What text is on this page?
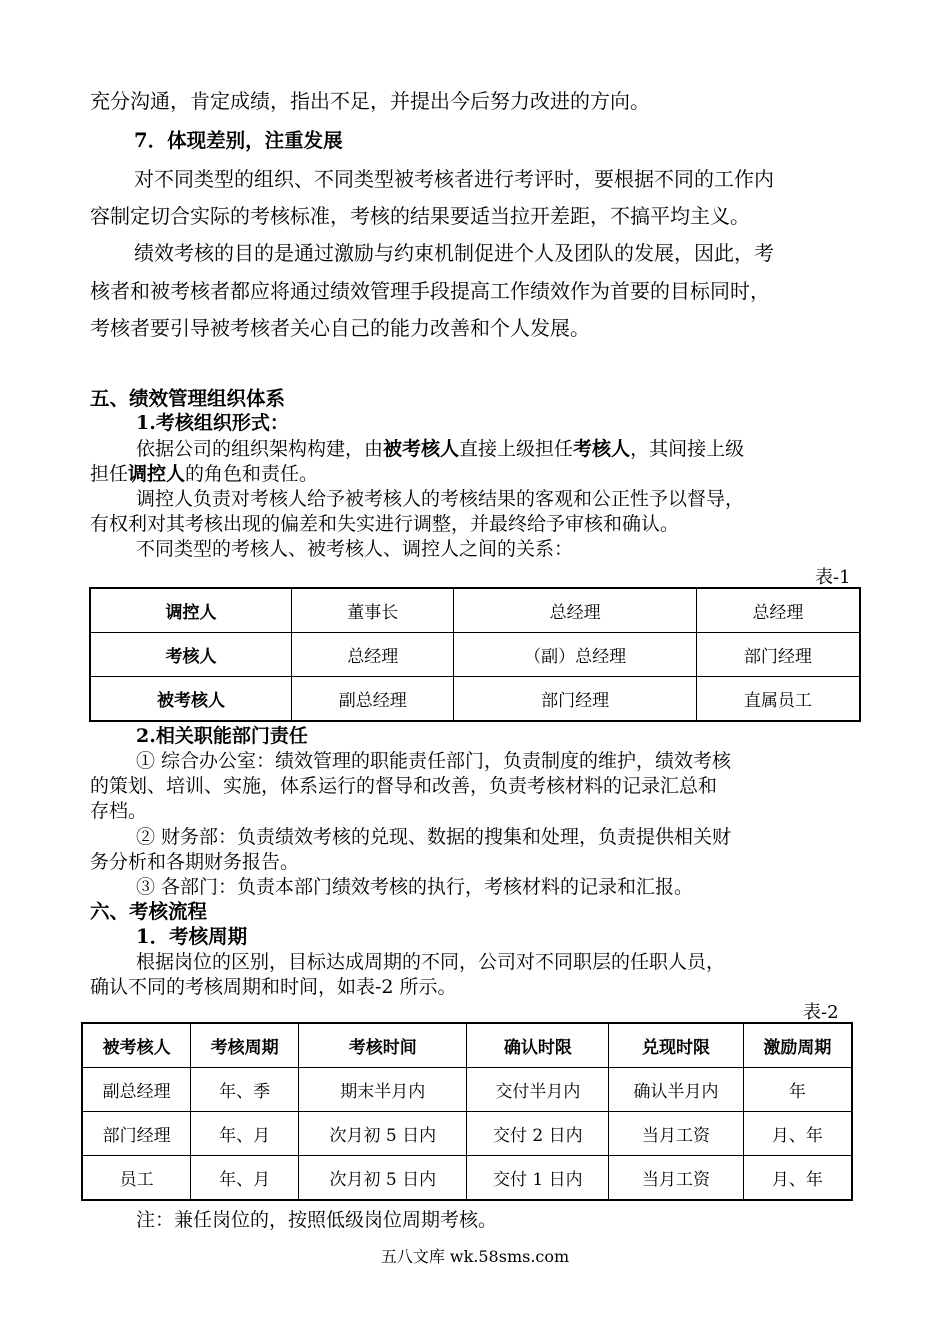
充分沟通，肯定成绩，指出不足，并提出今后努力改进的方向。

7．体现差别，注重发展

对不同类型的组织、不同类型被考核者进行考评时，要根据不同的工作内

容制定切合实际的考核标准，考核的结果要适当拉开差距，不搞平均主义。

绩效考核的目的是通过激励与约束机制促进个人及团队的发展，因此，考

核者和被考核者都应将通过绩效管理手段提高工作绩效作为首要的目标同时，

考核者要引导被考核者关心自己的能力改善和个人发展。

五、绩效管理组织体系

1.考核组织形式：

依据公司的组织架构构建，由被考核人直接上级担任考核人，其间接上级

担任调控人的角色和责任。

调控人负责对考核人给予被考核人的考核结果的客观和公正性予以督导，

有权利对其考核出现的偏差和失实进行调整，并最终给予审核和确认。

不同类型的考核人、被考核人、调控人之间的关系：

表-1
调控人	董事长	总经理	总经理
考核人	总经理	（副）总经理	部门经理
被考核人	副总经理	部门经理	直属员工

2.相关职能部门责任

① 综合办公室：绩效管理的职能责任部门，负责制度的维护，绩效考核

的策划、培训、实施，体系运行的督导和改善，负责考核材料的记录汇总和

存档。

② 财务部：负责绩效考核的兑现、数据的搜集和处理，负责提供相关财

务分析和各期财务报告。

③ 各部门：负责本部门绩效考核的执行，考核材料的记录和汇报。

六、考核流程

1．考核周期

根据岗位的区别，目标达成周期的不同，公司对不同职层的任职人员，

确认不同的考核周期和时间，如表-2 所示。

表-2
被考核人	考核周期	考核时间	确认时限	兑现时限	激励周期
副总经理	年、季	期末半月内	交付半月内	确认半月内	年
部门经理	年、月	次月初 5 日内	交付 2 日内	当月工资	月、年
员工	年、月	次月初 5 日内	交付 1 日内	当月工资	月、年

注：兼任岗位的，按照低级岗位周期考核。

五八文库 wk.58sms.com
